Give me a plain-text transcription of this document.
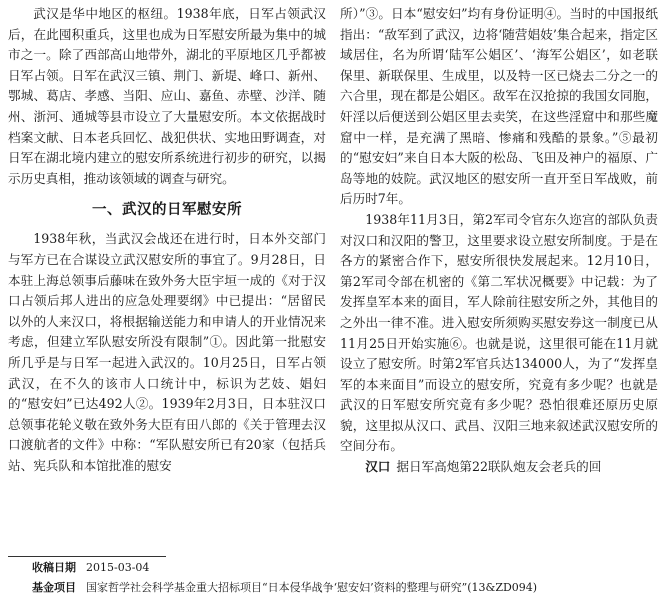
武汉是华中地区的枢纽。1938年底，日军占领武汉后，在此囤积重兵，这里也成为日军慰安所最为集中的城市之一。除了西部高山地带外，湖北的平原地区几乎都被日军占领。日军在武汉三镇、荆门、新堤、峰口、新州、鄂城、葛店、孝感、当阳、应山、嘉鱼、赤壁、沙洋、随州、浙河、通城等县市设立了大量慰安所。本文依据战时档案文献、日本老兵回忆、战犯供状、实地田野调查，对日军在湖北境内建立的慰安所系统进行初步的研究，以揭示历史真相，推动该领域的调查与研究。

一、武汉的日军慰安所

1938年秋，当武汉会战还在进行时，日本外交部门与军方已在合谋设立武汉慰安所的事宜了。9月28日，日本驻上海总领事后藤味在致外务大臣宇垣一成的《对于汉口占领后邦人进出的应急处理要纲》中已提出：“居留民以外的人来汉口，将根据输送能力和申请人的开业情况来考虑，但建立军队慰安所没有限制”①。因此第一批慰安所几乎是与日军一起进入武汉的。10月25日，日军占领武汉，在不久的该市人口统计中，标识为艺妓、娼妇的“慰安妇”已达492人②。1939年2月3日，日本驻汉口总领事花轮义敬在致外务大臣有田八郎的《关于管理去汉口渡航者的文件》中称：“军队慰安所已有20家（包括兵站、宪兵队和本馆批准的慰安

所）”③。日本“慰安妇”均有身份证明④。当时的中国报纸指出：“敌军到了武汉，边将‘随营娼妓’集合起来，指定区域居住，名为所谓‘陆军公娼区’、‘海军公娼区’，如老联保里、新联保里、生成里，以及特一区已烧去二分之一的六合里，现在都是公娼区。敌军在汉抢掠的我国女同胞，奸淫以后便送到公娼区里去卖笑，在这些淫窟中和那些魔窟中一样，是充满了黑暗、惨痛和残酷的景象。”⑤最初的“慰安妇”来自日本大阪的松岛、飞田及神户的福原、广岛等地的妓院。武汉地区的慰安所一直开至日军战败，前后历时7年。

1938年11月3日，第2军司令官东久迩宫的部队负责对汉口和汉阳的警卫，这里要求设立慰安所制度。于是在各方的紧密合作下，慰安所很快发展起来。12月10日，第2军司令部在机密的《第二军状况概要》中记载：为了发挥皇军本来的面目，军人除前往慰安所之外，其他目的之外出一律不准。进入慰安所须购买慰安券这一制度已从11月25日开始实施⑥。也就是说，这里很可能在11月就设立了慰安所。时第2军官兵达134000人，为了“发挥皇军的本来面目”而设立的慰安所，究竟有多少呢？也就是武汉的日军慰安所究竟有多少呢？恐怕很难还原历史原貌，这里拟从汉口、武昌、汉阳三地来叙述武汉慰安所的空间分布。

汉口 据日军高炮第22联队炮友会老兵的回

收稿日期 2015-03-04
基金项目 国家哲学社会科学基金重大招标项目“日本侵华战争‘慰安妇’资料的整理与研究”(13&ZD094)
